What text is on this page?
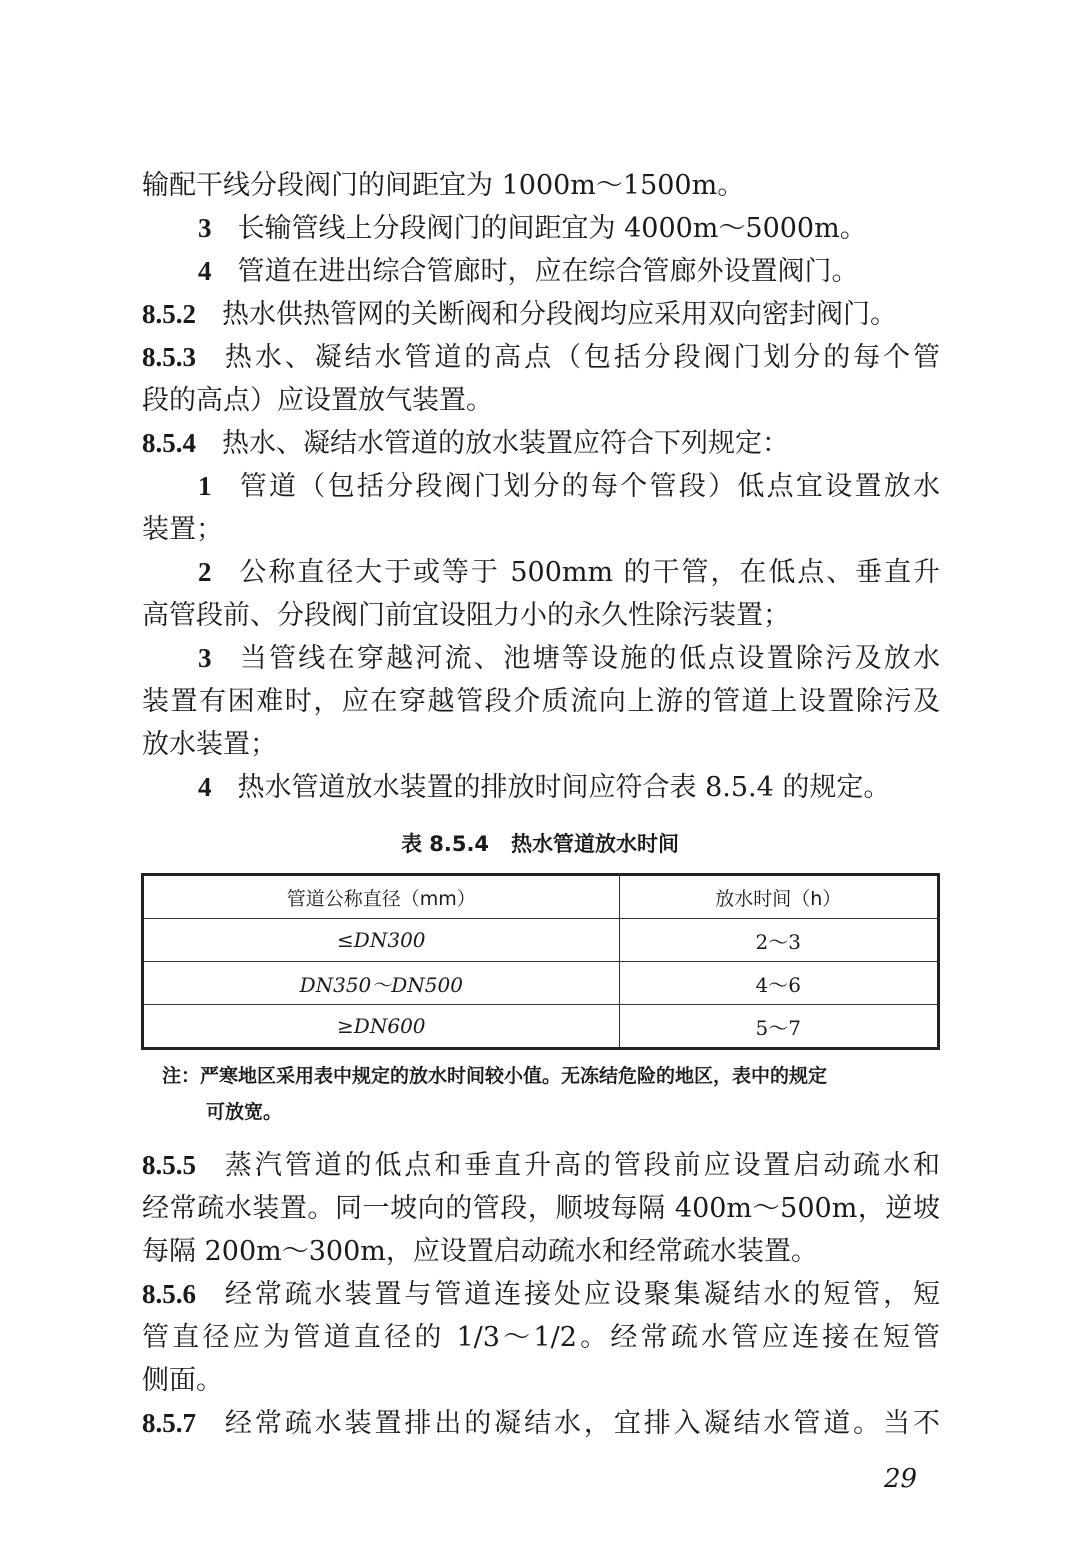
输配干线分段阀门的间距宜为 1000m～1500m。
3 长输管线上分段阀门的间距宜为 4000m～5000m。
4 管道在进出综合管廊时，应在综合管廊外设置阀门。
8.5.2 热水供热管网的关断阀和分段阀均应采用双向密封阀门。
8.5.3 热水、凝结水管道的高点（包括分段阀门划分的每个管
段的高点）应设置放气装置。
8.5.4 热水、凝结水管道的放水装置应符合下列规定：
1 管道（包括分段阀门划分的每个管段）低点宜设置放水
装置；
2 公称直径大于或等于 500mm 的干管，在低点、垂直升
高管段前、分段阀门前宜设阻力小的永久性除污装置；
3 当管线在穿越河流、池塘等设施的低点设置除污及放水
装置有困难时，应在穿越管段介质流向上游的管道上设置除污及
放水装置；
4 热水管道放水装置的排放时间应符合表 8.5.4 的规定。
表 8.5.4 热水管道放水时间
管道公称直径（mm）	放水时间（h）
≤DN300	2～3
DN350～DN500	4～6
≥DN600	5～7
注：严寒地区采用表中规定的放水时间较小值。无冻结危险的地区，表中的规定
可放宽。
8.5.5 蒸汽管道的低点和垂直升高的管段前应设置启动疏水和
经常疏水装置。同一坡向的管段，顺坡每隔 400m～500m，逆坡
每隔 200m～300m，应设置启动疏水和经常疏水装置。
8.5.6 经常疏水装置与管道连接处应设聚集凝结水的短管，短
管直径应为管道直径的 1/3～1/2。经常疏水管应连接在短管
侧面。
8.5.7 经常疏水装置排出的凝结水，宜排入凝结水管道。当不
29
